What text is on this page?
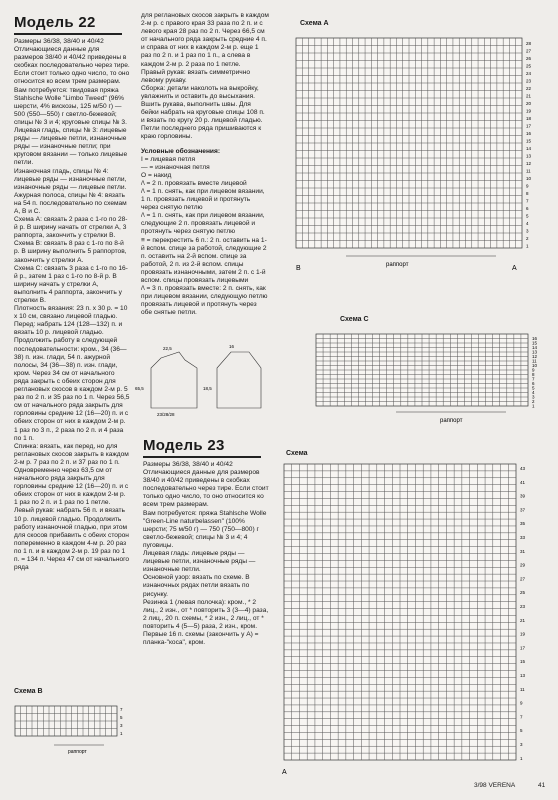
Модель 22

Размеры 36/38, 38/40 и 40/42
Отличающиеся данные для размеров 38/40 и 40/42 приведены в скобках последовательно через тире. Если стоит только одно число, то оно относится ко всем трем размерам.
Вам потребуется: твидовая пряжа Stahlsche Wolle "Limbo Tweed" (96% шерсти, 4% вискозы, 125 м/50 г) — 500 (550—550) г светло-бежевой; спицы № 3 и 4; круговые спицы № 3.
Лицевая гладь, спицы № 3: лицевые ряды — лицевые петли, изнаночные ряды — изнаночные петли; при круговом вязании — только лицевые петли.
Изнаночная гладь, спицы № 4: лицевые ряды — изнаночные петли, изнаночные ряды — лицевые петли.
Ажурная полоса, спицы № 4: вязать на 54 п. последовательно по схемам А, В и С.
Схема А: связать 2 раза с 1-го по 28-й р. В ширину начать от стрелки А, 3 раппорта, закончить у стрелки В.
Схема В: связать 8 раз с 1-го по 8-й р. В ширину выполнить 5 раппортов, закончить у стрелки А.
Схема С: связать 3 раза с 1-го по 16-й р., затем 1 раз с 1-го по 8-й р. В ширину начать у стрелки А, выполнить 4 раппорта, закончить у стрелки В.
Плотность вязания: 23 п. х 30 р. = 10 х 10 см, связано лицевой гладью.
Перед: набрать 124 (128—132) п. и вязать 10 р. лицевой гладью. Продолжить работу в следующей последовательности: кром., 34 (36—38) п. изн. глади, 54 п. ажурной полосы, 34 (36—38) п. изн. глади, кром. Через 34 см от начального ряда закрыть с обеих сторон для реглановых скосов в каждом 2-м р. 5 раз по 2 п. и 35 раз по 1 п. Через 56,5 см от начального ряда закрыть для горловины средние 12 (16—20) п. и с обеих сторон от них в каждом 2-м р. 1 раз по 3 п., 2 раза по 2 п. и 4 раза по 1 п.
Спинка: вязать, как перед, но для реглановых скосов закрыть в каждом 2-м р. 7 раз по 2 п. и 37 раз по 1 п. Одновременно через 63,5 см от начального ряда закрыть для горловины средние 12 (16—20) п. и с обеих сторон от них в каждом 2-м р. 1 раз по 2 п. и 1 раз по 1 петле.
Левый рукав: набрать 56 п. и вязать 10 р. лицевой гладью. Продолжить работу изнаночной гладью, при этом для скосов прибавить с обеих сторон попеременно в каждом 4-м р. 20 раз по 1 п. и в каждом 2-м р. 19 раз по 1 п. = 134 п. Через 47 см от начального ряда

для реглановых скосов закрыть в каждом 2-м р. с правого края 33 раза по 2 п. и с левого края 28 раз по 2 п. Через 66,5 см от начального ряда закрыть средние 4 п. и справа от них в каждом 2-м р. еще 1 раз по 2 п. и 1 раз по 1 п., а слева в каждом 2-м р. 2 раза по 1 петле.
Правый рукав: вязать симметрично левому рукаву.
Сборка: детали наколоть на выкройку, увлажнить и оставить до высыхания. Вшить рукава, выполнить швы. Для бейки набрать на круговые спицы 108 п. и вязать по кругу 20 р. лицевой гладью. Петли последнего ряда пришиваются к краю горловины.

Условные обозначения:

I = лицевая петля
— = изнаночная петля
O = накид
/\ = 2 п. провязать вместе лицевой
/\ = 1 п. снять, как при лицевом вязании, 1 п. провязать лицевой и протянуть через снятую петлю
/\ = 1 п. снять, как при лицевом вязании, следующие 2 п. провязать лицевой и протянуть через снятую петлю
≡ = перекрестить 6 п.: 2 п. оставить на 1-й вспом. спице за работой, следующие 2 п. оставить на 2-й вспом. спице за работой, 2 п. из 2-й вспом. спицы провязать изнаночными, затем 2 п. с 1-й вспом. спицы провязать лицевыми
/\ = 3 п. провязать вместе: 2 п. снять, как при лицевом вязании, следующую петлю провязать лицевой и протянуть через обе снятые петли.

23/28/28
65,5
22,5	16
18,5
Схема В
раппорт
7
5
3
1
Схема А
раппорт
B	A
28
27
26
25
24
23
22
21
20
19
18
17
16
15
14
13
12
11
10
9
8
7
6
5
4
3
2
1
Схема С
раппорт
16
15
14
13
12
11
10
9
8
7
6
5
4
3
2
1
Модель 23

Размеры 36/38, 38/40 и 40/42
Отличающиеся данные для размеров 38/40 и 40/42 приведены в скобках последовательно через тире. Если стоит только одно число, то оно относится ко всем трем размерам.
Вам потребуется: пряжа Stahlsche Wolle "Green-Line naturbelassen" (100% шерсти; 75 м/50 г) — 750 (750—800) г светло-бежевой; спицы № 3 и 4; 4 пуговицы.
Лицевая гладь: лицевые ряды — лицевые петли, изнаночные ряды — изнаночные петли.
Основной узор: вязать по схеме. В изнаночных рядах петли вязать по рисунку.
Резинка 1 (левая полочка): кром., * 2 лиц., 2 изн., от * повторить 3 (3—4) раза, 2 лиц., 20 п. схемы, * 2 изн., 2 лиц., от * повторить 4 (5—5) раза, 2 изн., кром. Первые 16 п. схемы (закончить у А) = планка-"коса", кром.

Схема
A
43
41
39
37
35
33
31
29
27
25
23
21
19
17
15
13
11
9
7
5
3
1
3/98 VERENA	41
